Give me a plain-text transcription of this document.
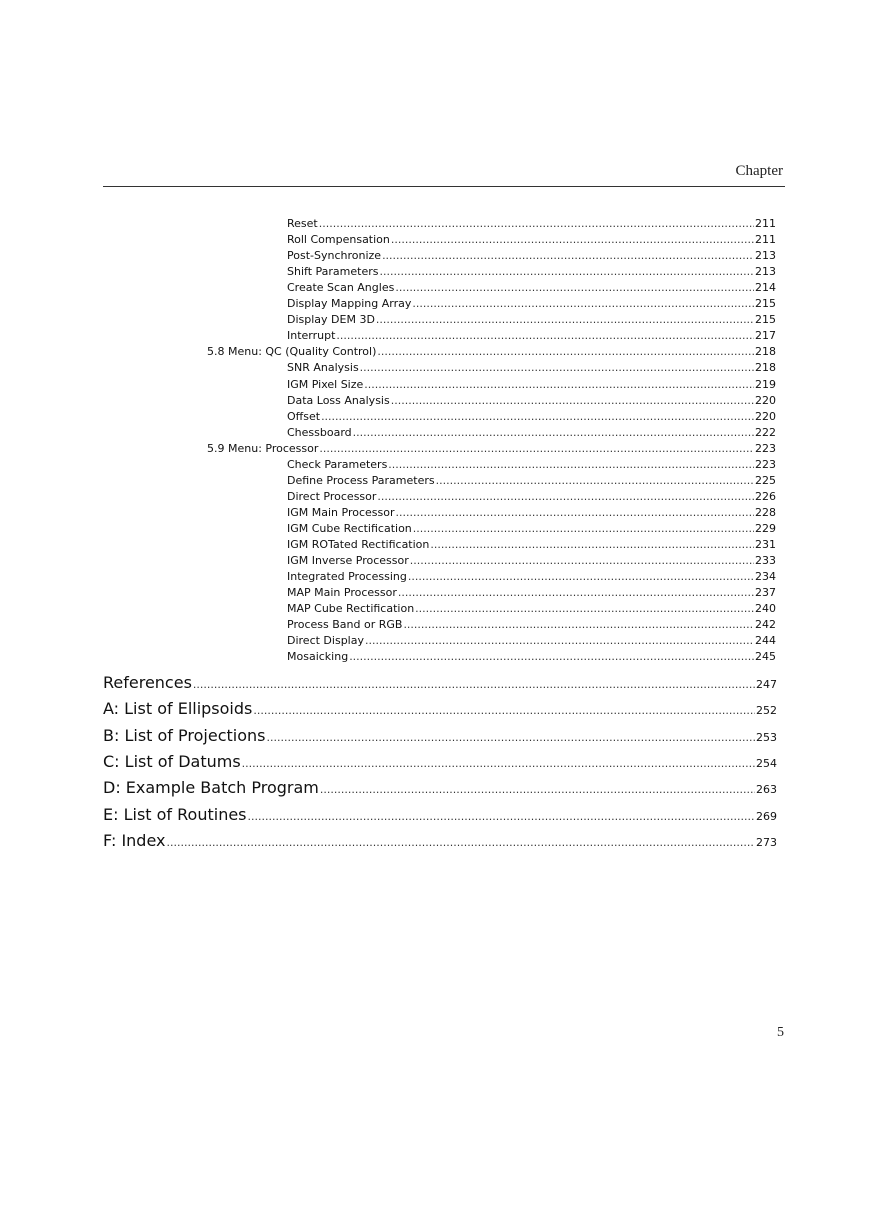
Chapter
Reset .....	211
Roll Compensation .....	211
Post-Synchronize .....	213
Shift Parameters .....	213
Create Scan Angles .....	214
Display Mapping Array .....	215
Display DEM 3D .....	215
Interrupt .....	217
5.8 Menu: QC (Quality Control) .....	218
SNR Analysis .....	218
IGM Pixel Size .....	219
Data Loss Analysis .....	220
Offset .....	220
Chessboard .....	222
5.9 Menu: Processor .....	223
Check Parameters .....	223
Define Process Parameters .....	225
Direct Processor .....	226
IGM Main Processor .....	228
IGM Cube Rectification .....	229
IGM ROTated Rectification .....	231
IGM Inverse Processor .....	233
Integrated Processing .....	234
MAP Main Processor .....	237
MAP Cube Rectification .....	240
Process Band or RGB .....	242
Direct Display .....	244
Mosaicking .....	245
References .....	247
A: List of Ellipsoids .....	252
B: List of Projections .....	253
C: List of Datums .....	254
D: Example Batch Program .....	263
E: List of Routines .....	269
F: Index .....	273
5
